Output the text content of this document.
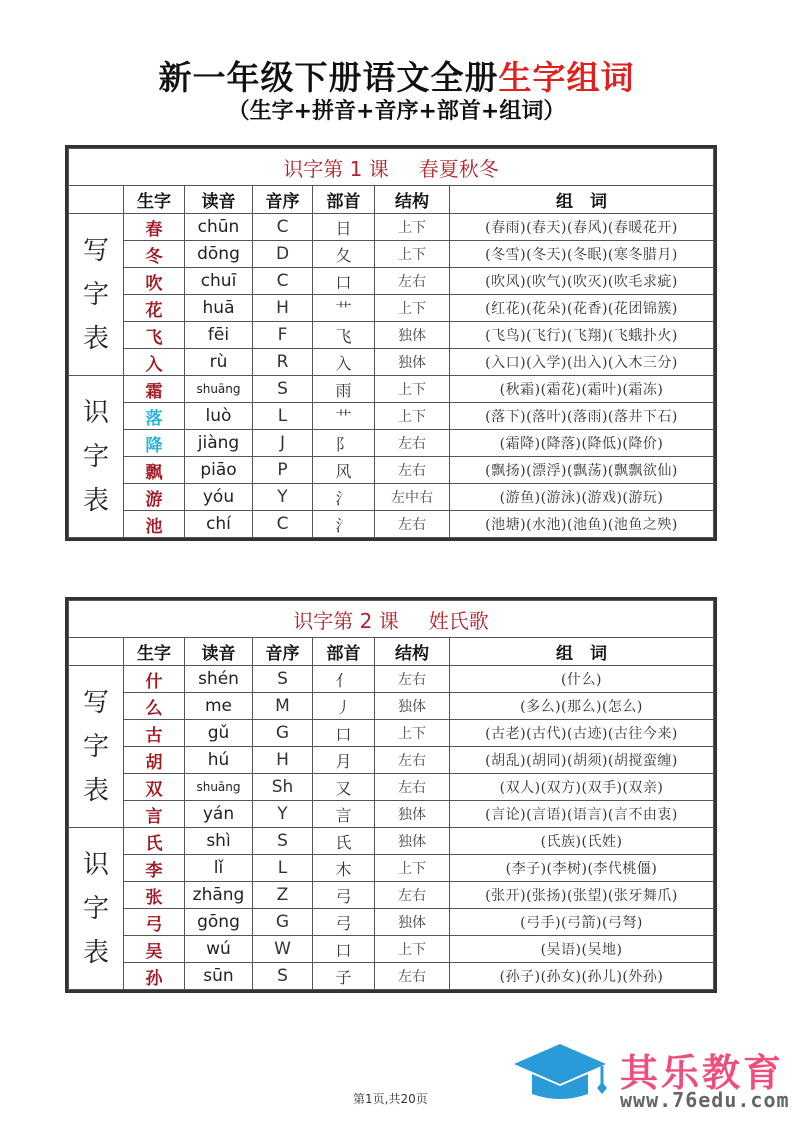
新一年级下册语文全册生字组词
（生字+拼音+音序+部首+组词）
识字第 1 课 春夏秋冬						
	生字	读音	音序	部首	结构	组　词

写
字
表	春	chūn	C	日	上下	(春雨)(春天)(春风)(春暖花开)
	冬	dōng	D	夂	上下	(冬雪)(冬天)(冬眠)(寒冬腊月)
	吹	chuī	C	口	左右	(吹风)(吹气)(吹灭)(吹毛求疵)
	花	huā	H	艹	上下	(红花)(花朵)(花香)(花团锦簇)
	飞	fēi	F	飞	独体	(飞鸟)(飞行)(飞翔)(飞蛾扑火)
	入	rù	R	入	独体	(入口)(入学)(出入)(入木三分)

识
字
表	霜	shuāng	S	雨	上下	(秋霜)(霜花)(霜叶)(霜冻)
	落	luò	L	艹	上下	(落下)(落叶)(落雨)(落井下石)
	降	jiàng	J	阝	左右	(霜降)(降落)(降低)(降价)
	飘	piāo	P	风	左右	(飘扬)(漂浮)(飘荡)(飘飘欲仙)
	游	yóu	Y	氵	左中右	(游鱼)(游泳)(游戏)(游玩)
	池	chí	C	氵	左右	(池塘)(水池)(池鱼)(池鱼之殃)
识字第 2 课 姓氏歌						
	生字	读音	音序	部首	结构	组　词

写
字
表	什	shén	S	亻	左右	(什么)
	么	me	M	丿	独体	(多么)(那么)(怎么)
	古	gǔ	G	口	上下	(古老)(古代)(古迹)(古往今来)
	胡	hú	H	月	左右	(胡乱)(胡同)(胡须)(胡搅蛮缠)
	双	shuāng	Sh	又	左右	(双人)(双方)(双手)(双亲)
	言	yán	Y	言	独体	(言论)(言语)(语言)(言不由衷)

识
字
表	氏	shì	S	氏	独体	(氏族)(氏姓)
	李	lǐ	L	木	上下	(李子)(李树)(李代桃僵)
	张	zhāng	Z	弓	左右	(张开)(张扬)(张望)(张牙舞爪)
	弓	gōng	G	弓	独体	(弓手)(弓箭)(弓弩)
	吴	wú	W	口	上下	(吴语)(吴地)
	孙	sūn	S	子	左右	(孙子)(孙女)(孙儿)(外孙)
第1页,共20页
其乐教育
www.76edu.com
